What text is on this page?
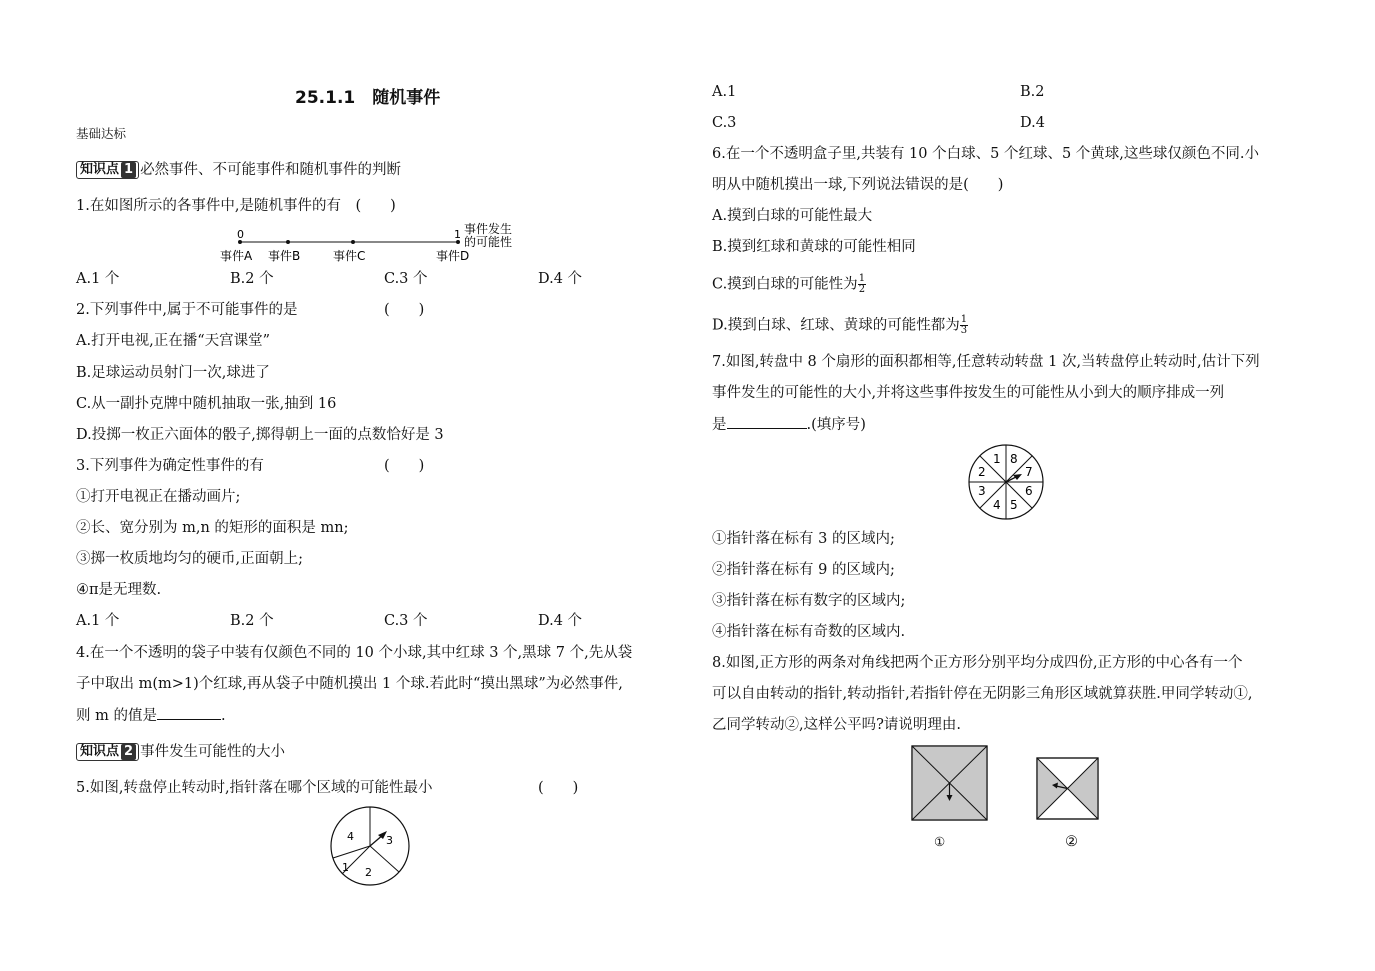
25.1.1　随机事件
基础达标
知识点 1 必然事件、不可能事件和随机事件的判断
1.在如图所示的各事件中,是随机事件的有　(　　)
0	1 事件发生
的可能性
事件A 事件B	事件C	事件D
A.1 个	B.2 个	C.3 个	D.4 个
2.下列事件中,属于不可能事件的是	(　　)
A.打开电视,正在播“天宫课堂”
B.足球运动员射门一次,球进了
C.从一副扑克牌中随机抽取一张,抽到 16
D.投掷一枚正六面体的骰子,掷得朝上一面的点数恰好是 3
3.下列事件为确定性事件的有	(　　)
①打开电视正在播动画片;
②长、宽分别为 m,n 的矩形的面积是 mn;
③掷一枚质地均匀的硬币,正面朝上;
④π是无理数.
A.1 个	B.2 个	C.3 个	D.4 个
4.在一个不透明的袋子中装有仅颜色不同的 10 个小球,其中红球 3 个,黑球 7 个,先从袋
子中取出 m(m>1)个红球,再从袋子中随机摸出 1 个球.若此时“摸出黑球”为必然事件,
则 m 的值是	.
知识点 2 事件发生可能性的大小
5.如图,转盘停止转动时,指针落在哪个区域的可能性最小	(　　)
1 2
3
4
A.1	B.2
C.3	D.4
6.在一个不透明盒子里,共装有 10 个白球、5 个红球、5 个黄球,这些球仅颜色不同.小
明从中随机摸出一球,下列说法错误的是(　　)
A.摸到白球的可能性最大
B.摸到红球和黄球的可能性相同
C.摸到白球的可能性为 $\frac{1}{2}$
D.摸到白球、红球、黄球的可能性都为 $\frac{1}{3}$
7.如图,转盘中 8 个扇形的面积都相等,任意转动转盘 1 次,当转盘停止转动时,估计下列
事件发生的可能性的大小,并将这些事件按发生的可能性从小到大的顺序排成一列
是	.(填序号)
1 8
7
6
5
4
3
2
①指针落在标有 3 的区域内;
②指针落在标有 9 的区域内;
③指针落在标有数字的区域内;
④指针落在标有奇数的区域内.
8.如图,正方形的两条对角线把两个正方形分别平均分成四份,正方形的中心各有一个
可以自由转动的指针,转动指针,若指针停在无阴影三角形区域就算获胜.甲同学转动①,
乙同学转动②,这样公平吗?请说明理由.
①	②
